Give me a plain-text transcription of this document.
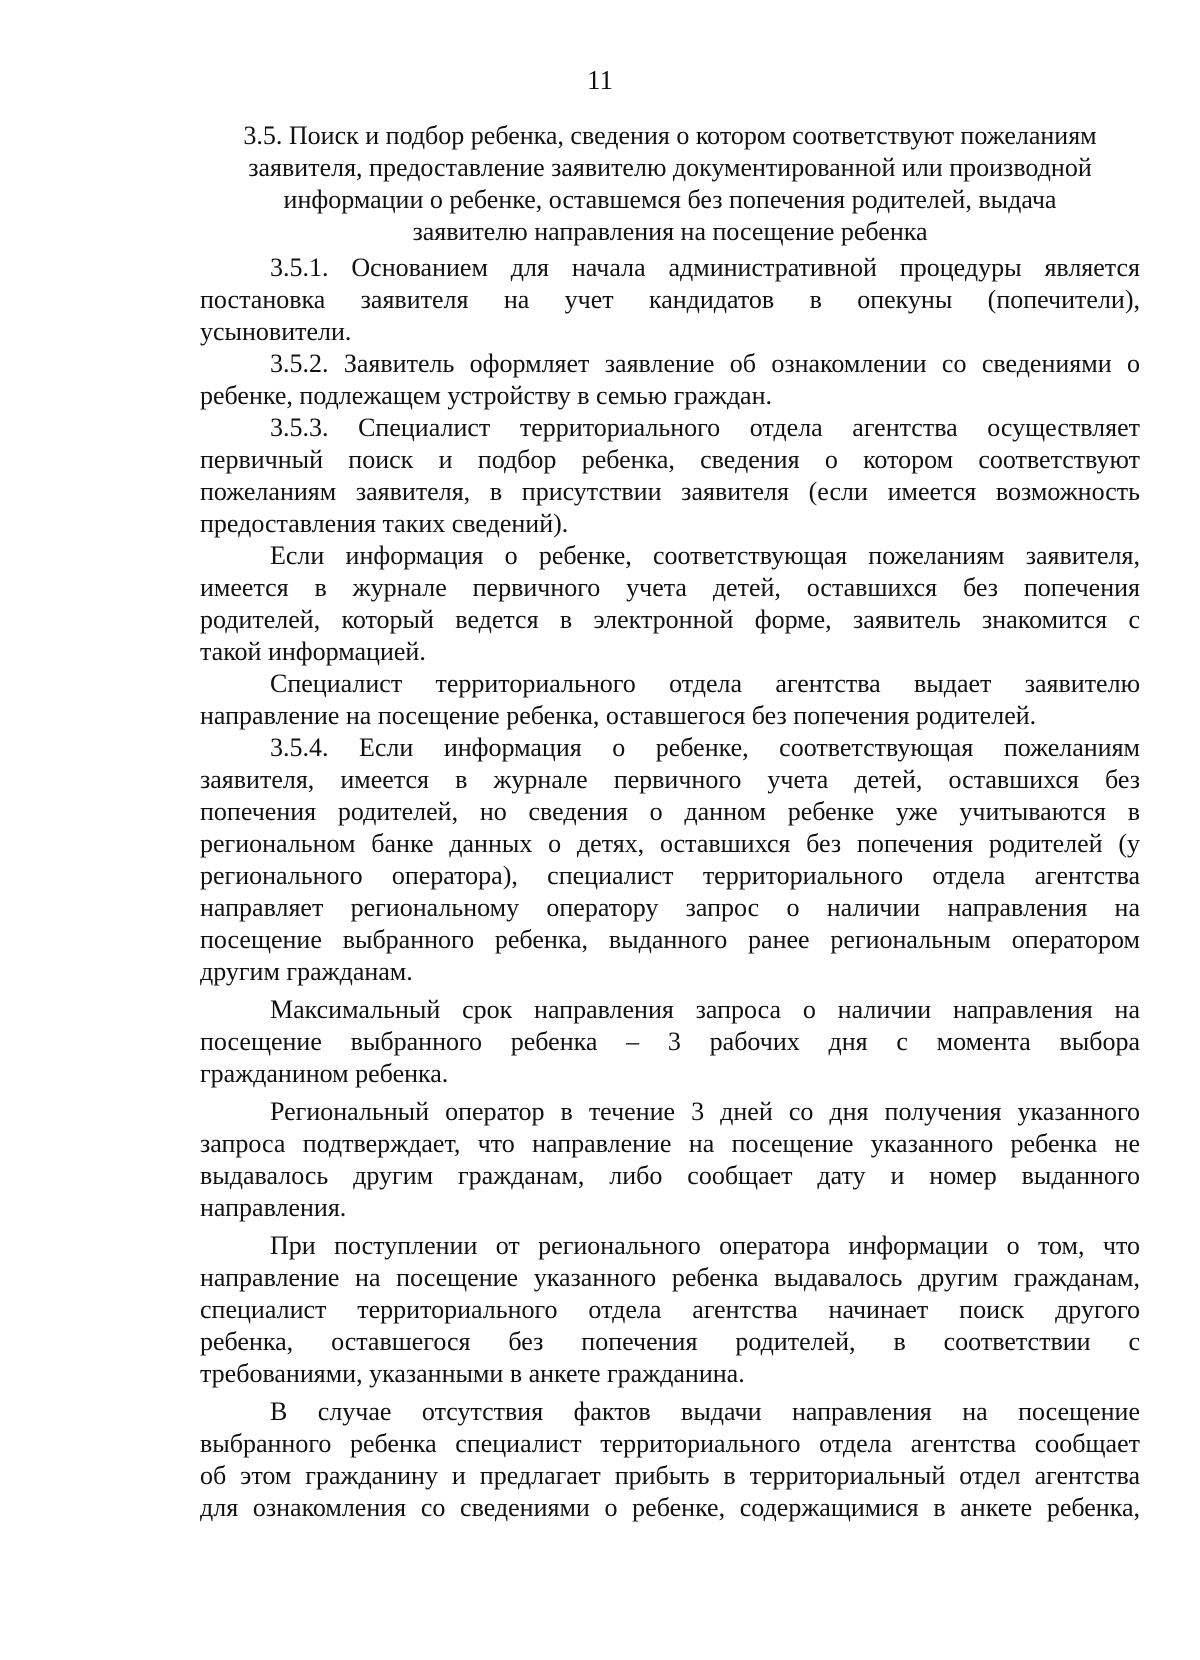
11
3.5. Поиск и подбор ребенка, сведения о котором соответствуют пожеланиям
заявителя, предоставление заявителю документированной или производной
информации о ребенке, оставшемся без попечения родителей, выдача
заявителю направления на посещение ребенка
3.5.1. Основанием для начала административной процедуры является
постановка заявителя на учет кандидатов в опекуны (попечители),
усыновители.
3.5.2. Заявитель оформляет заявление об ознакомлении со сведениями о
ребенке, подлежащем устройству в семью граждан.
3.5.3. Специалист территориального отдела агентства осуществляет
первичный поиск и подбор ребенка, сведения о котором соответствуют
пожеланиям заявителя, в присутствии заявителя (если имеется возможность
предоставления таких сведений).
Если информация о ребенке, соответствующая пожеланиям заявителя,
имеется в журнале первичного учета детей, оставшихся без попечения
родителей, который ведется в электронной форме, заявитель знакомится с
такой информацией.
Специалист территориального отдела агентства выдает заявителю
направление на посещение ребенка, оставшегося без попечения родителей.
3.5.4. Если информация о ребенке, соответствующая пожеланиям
заявителя, имеется в журнале первичного учета детей, оставшихся без
попечения родителей, но сведения о данном ребенке уже учитываются в
региональном банке данных о детях, оставшихся без попечения родителей (у
регионального оператора), специалист территориального отдела агентства
направляет региональному оператору запрос о наличии направления на
посещение выбранного ребенка, выданного ранее региональным оператором
другим гражданам.
Максимальный срок направления запроса о наличии направления на
посещение выбранного ребенка – 3 рабочих дня с момента выбора
гражданином ребенка.
Региональный оператор в течение 3 дней со дня получения указанного
запроса подтверждает, что направление на посещение указанного ребенка не
выдавалось другим гражданам, либо сообщает дату и номер выданного
направления.
При поступлении от регионального оператора информации о том, что
направление на посещение указанного ребенка выдавалось другим гражданам,
специалист территориального отдела агентства начинает поиск другого
ребенка, оставшегося без попечения родителей, в соответствии с
требованиями, указанными в анкете гражданина.
В случае отсутствия фактов выдачи направления на посещение
выбранного ребенка специалист территориального отдела агентства сообщает
об этом гражданину и предлагает прибыть в территориальный отдел агентства
для ознакомления со сведениями о ребенке, содержащимися в анкете ребенка,
